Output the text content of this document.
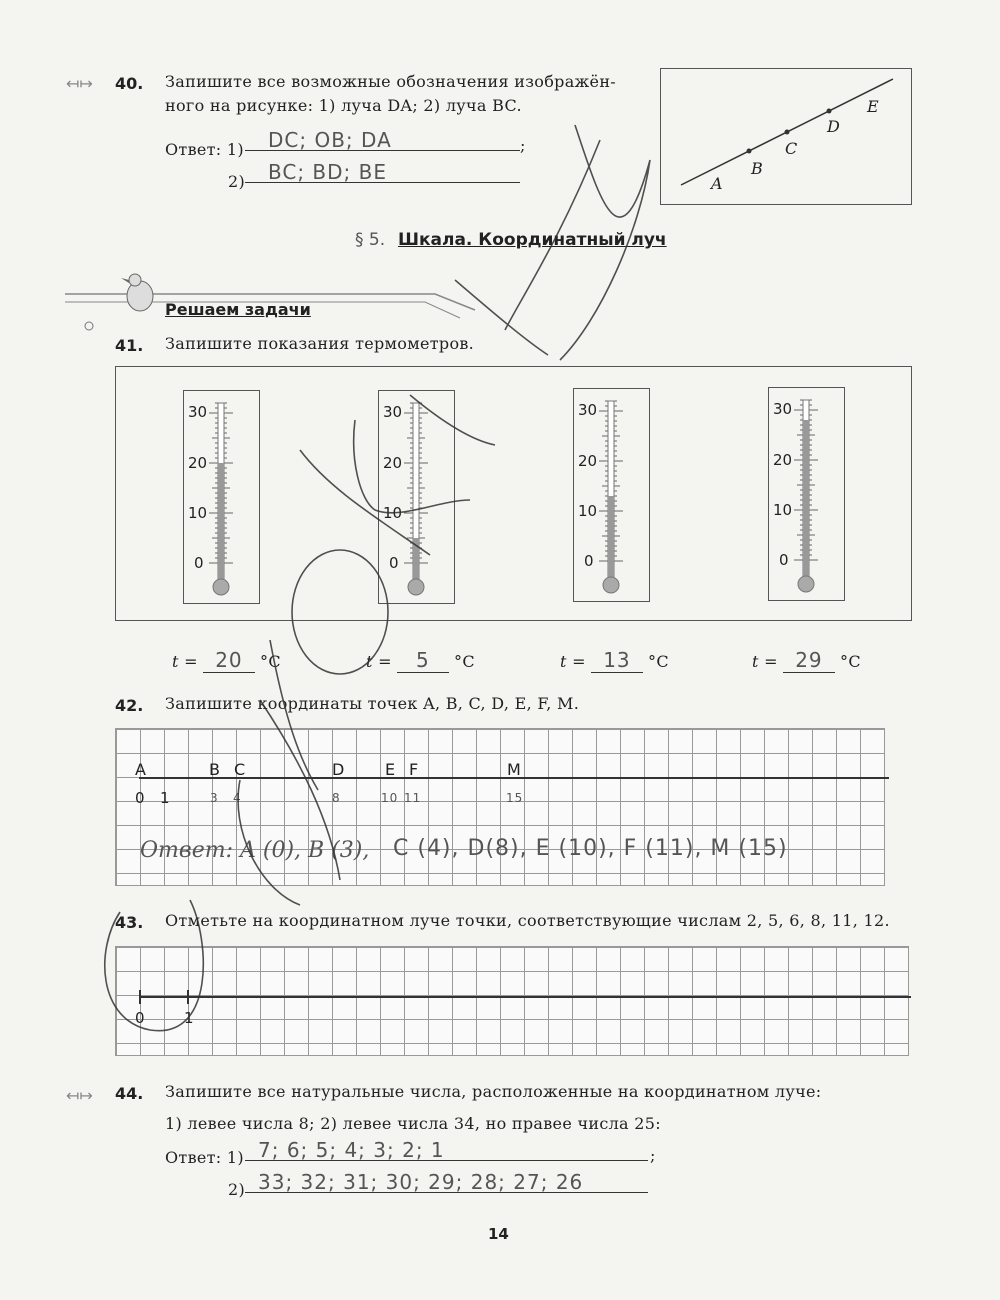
↤↦ 40. Запишите все возможные обозначения изображён-
ного на рисунке: 1) луча DA; 2) луча BC.
Ответ: 1) DC; OB; DA	;
2) BC; BD; BE	A
B
C
D
E
§ 5. Шкала. Координатный луч
Решаем задачи
41. Запишите показания термометров.
30
20
10
0
30
20
10
0
30
20
10
0
30
20
10
0
t = 20 °C	t = 5 °C	t = 13 °C	t = 29 °C
42. Запишите координаты точек A, B, C, D, E, F, M.
A	B C	D	E F	M
0 1	3 4	8	10 11	15
Ответ: A (0), B (3), C (4), D(8), E (10), F (11), M (15)
43. Отметьте на координатном луче точки, соответствующие числам 2, 5, 6, 8, 11, 12.
0	1
↤↦ 44. Запишите все натуральные числа, расположенные на координатном луче:
1) левее числа 8; 2) левее числа 34, но правее числа 25:
Ответ: 1) 7; 6; 5; 4; 3; 2; 1	;
2) 33; 32; 31; 30; 29; 28; 27; 26
14
